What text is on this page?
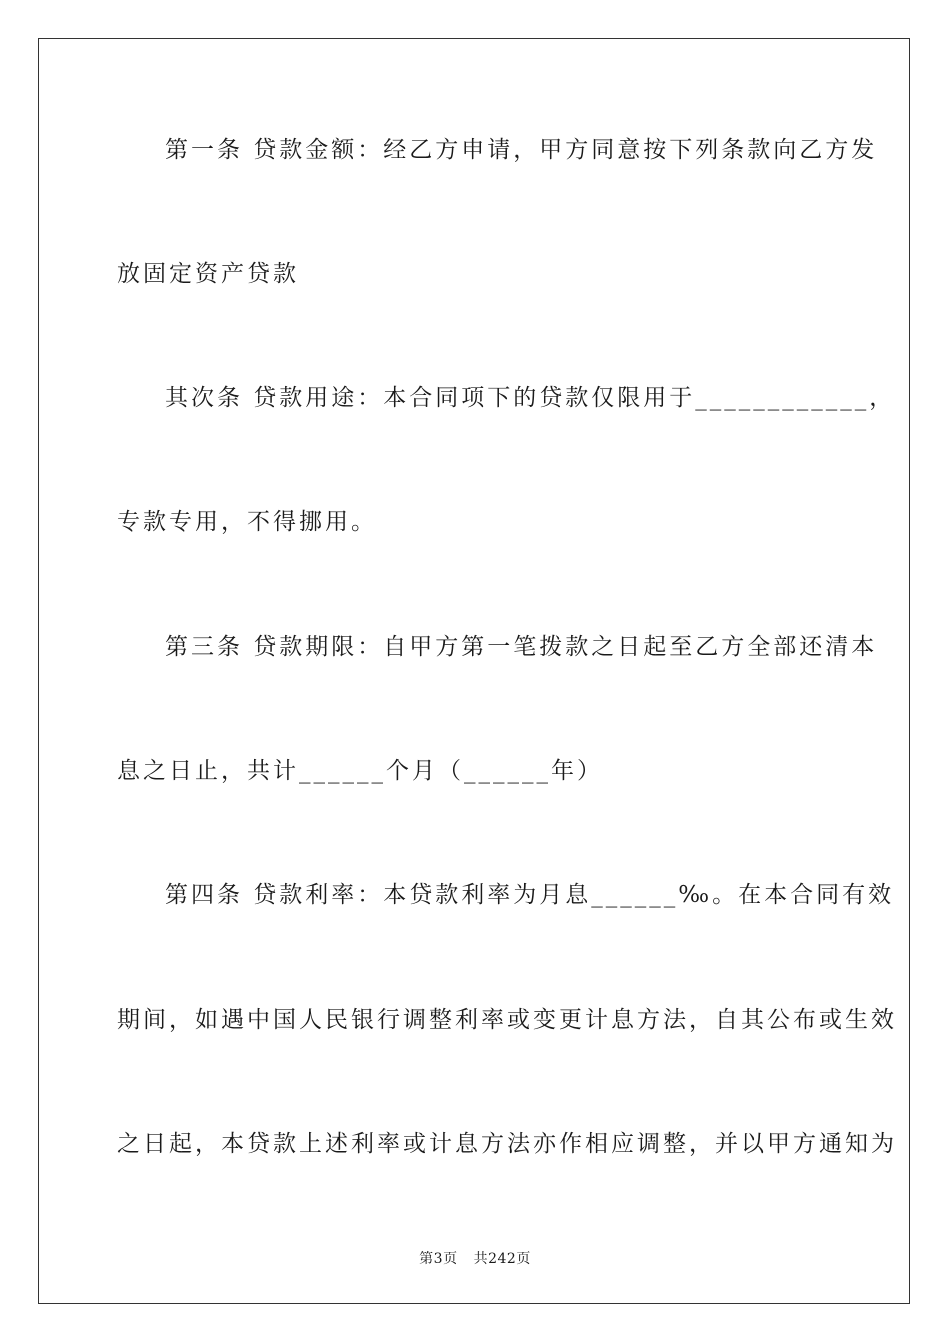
第一条 贷款金额：经乙方申请，甲方同意按下列条款向乙方发
放固定资产贷款
其次条 贷款用途：本合同项下的贷款仅限用于____________，
专款专用，不得挪用。
第三条 贷款期限：自甲方第一笔拨款之日起至乙方全部还清本
息之日止，共计______个月（______年）
第四条 贷款利率：本贷款利率为月息______‰。在本合同有效
期间，如遇中国人民银行调整利率或变更计息方法，自其公布或生效
之日起，本贷款上述利率或计息方法亦作相应调整，并以甲方通知为
第3页 共242页
